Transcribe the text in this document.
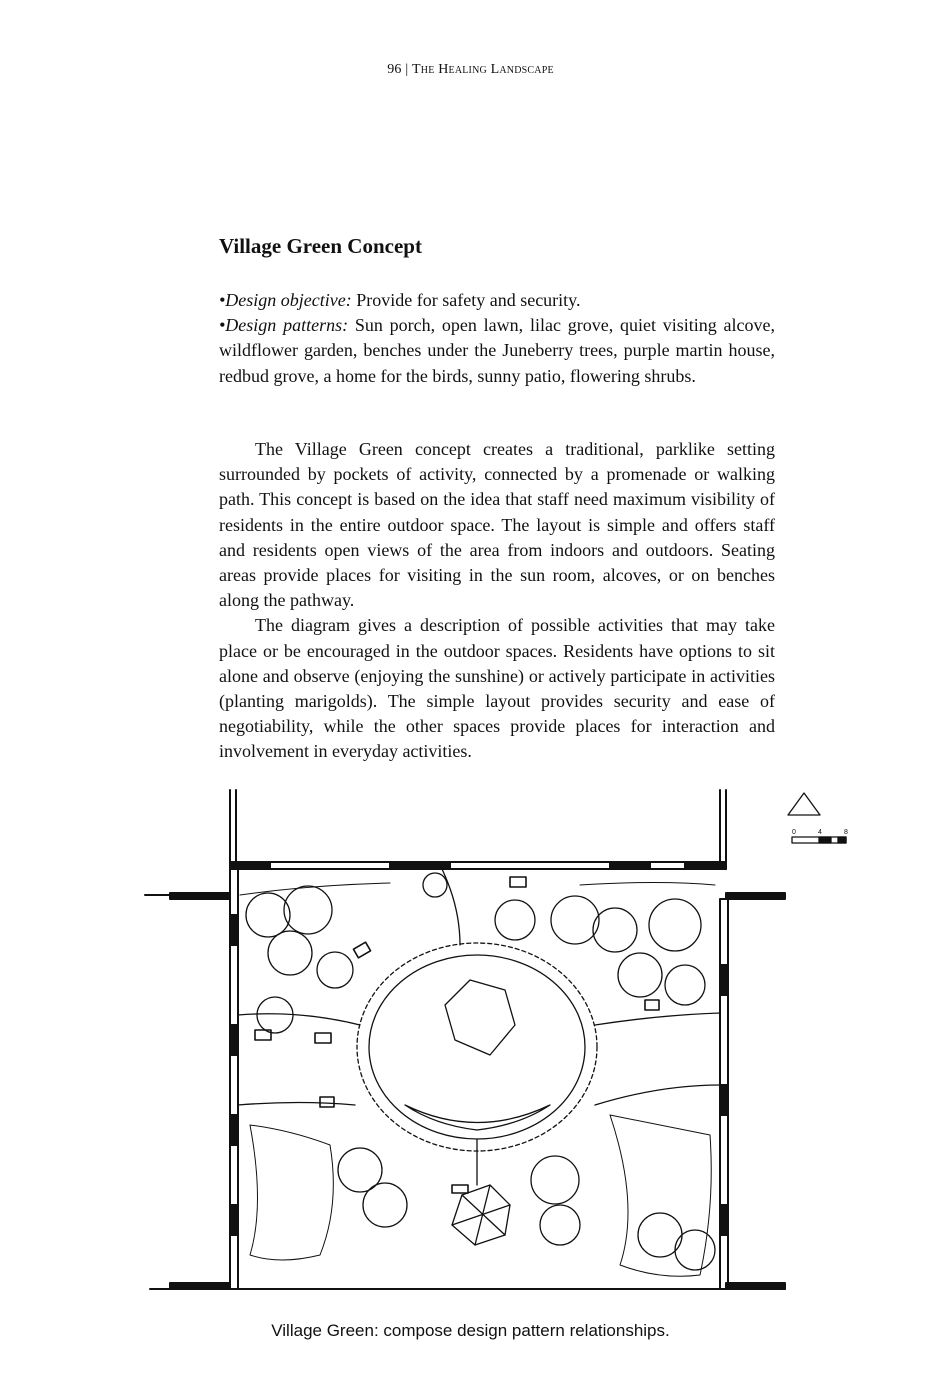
96 | The Healing Landscape
Village Green Concept

•Design objective: Provide for safety and security.

•Design patterns: Sun porch, open lawn, lilac grove, quiet visiting alcove, wildflower garden, benches under the Juneberry trees, purple martin house, redbud grove, a home for the birds, sunny patio, flowering shrubs.

The Village Green concept creates a traditional, parklike setting surrounded by pockets of activity, connected by a promenade or walking path. This concept is based on the idea that staff need maximum visibility of residents in the entire outdoor space. The layout is simple and offers staff and residents open views of the area from indoors and outdoors. Seating areas provide places for visiting in the sun room, alcoves, or on benches along the pathway.

The diagram gives a description of possible activities that may take place or be encouraged in the outdoor spaces. Residents have options to sit alone and observe (enjoying the sunshine) or actively participate in activities (planting marigolds). The simple layout provides security and ease of negotiability, while the other spaces provide places for interaction and involvement in everyday activities.

0	4	8
Village Green: compose design pattern relationships.
